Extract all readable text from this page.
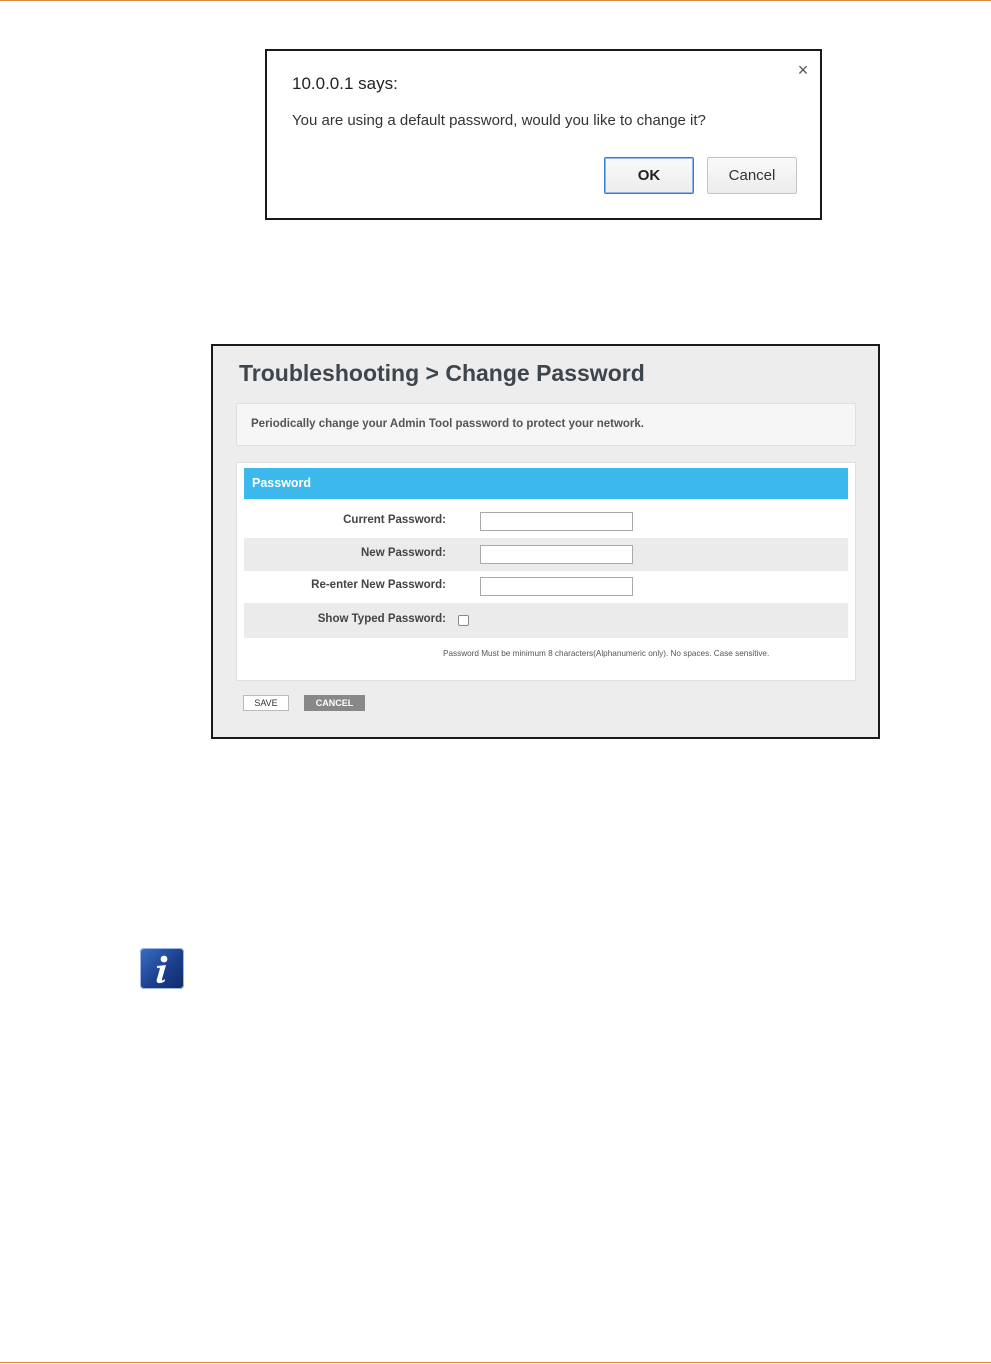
10.0.0.1 says:
×
You are using a default password, would you like to change it?
OK	Cancel
Troubleshooting > Change Password
Periodically change your Admin Tool password to protect your network.
Password
Current Password:
New Password:
Re-enter New Password:
Show Typed Password:
Password Must be minimum 8 characters(Alphanumeric only). No spaces. Case sensitive.
SAVE	CANCEL
